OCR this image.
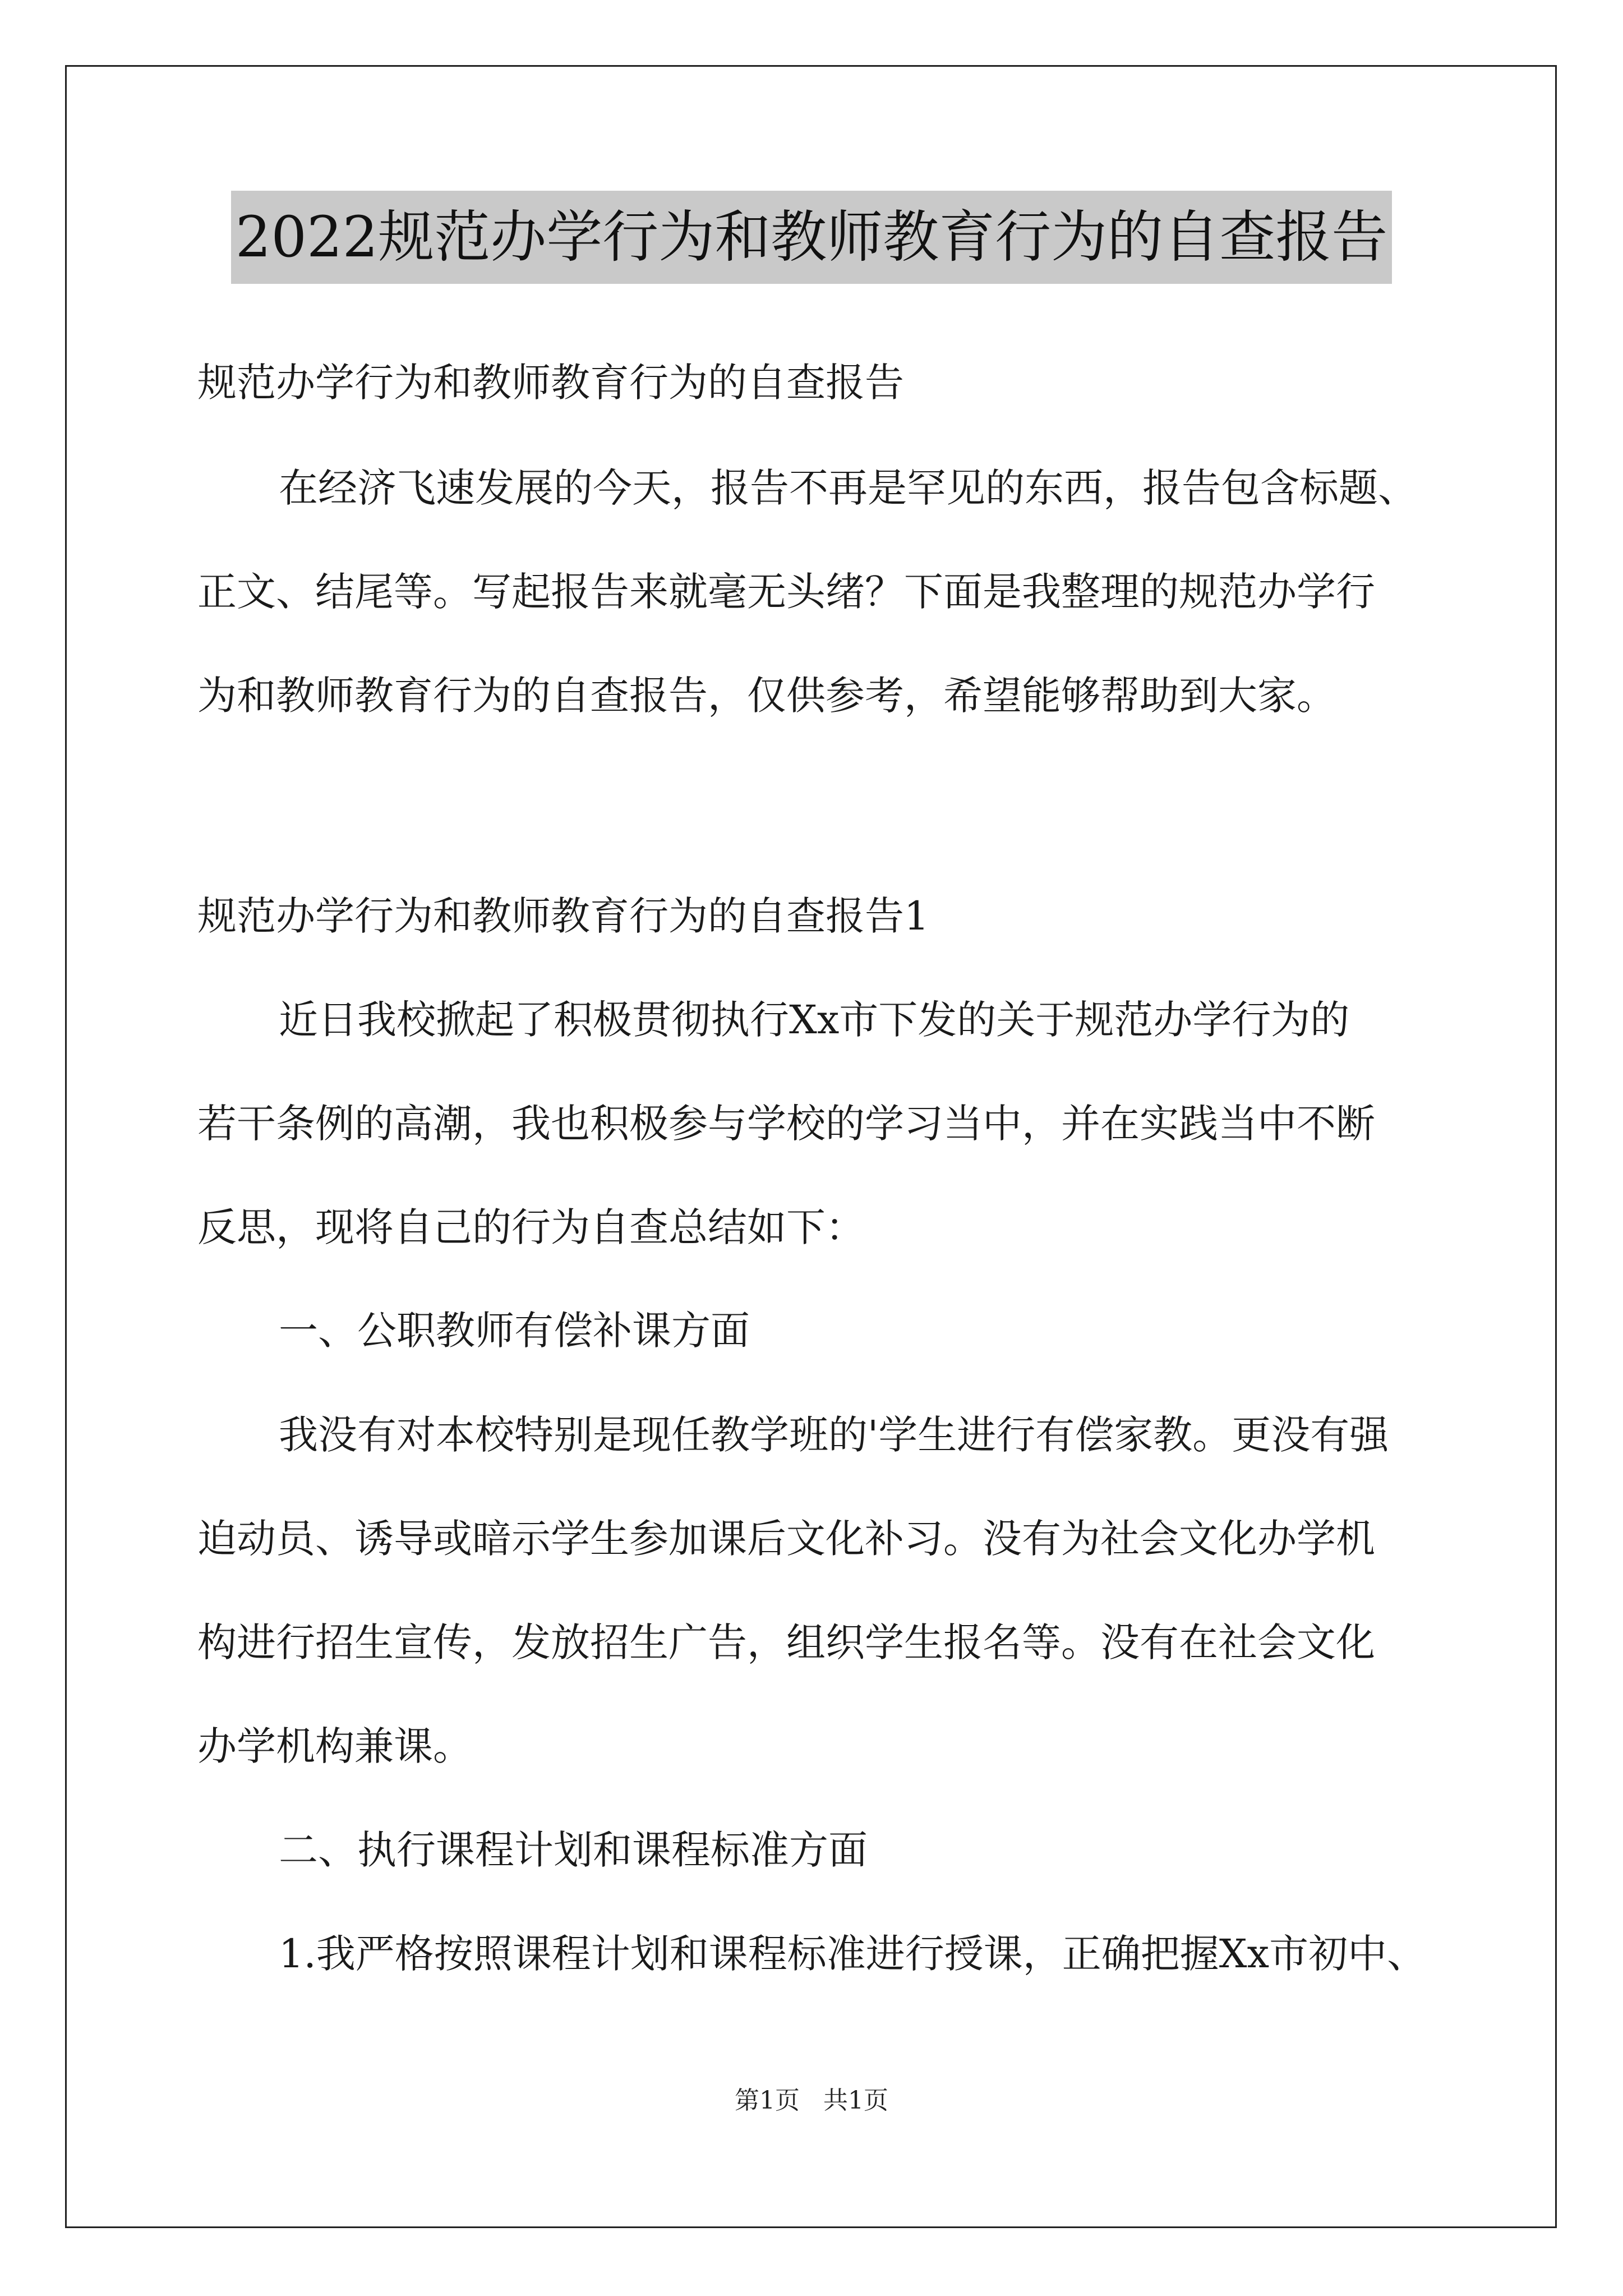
2022规范办学行为和教师教育行为的自查报告
规范办学行为和教师教育行为的自查报告
在经济飞速发展的今天，报告不再是罕见的东西，报告包含标题、
正文、结尾等。写起报告来就毫无头绪？下面是我整理的规范办学行
为和教师教育行为的自查报告，仅供参考，希望能够帮助到大家。
规范办学行为和教师教育行为的自查报告1
近日我校掀起了积极贯彻执行Xx市下发的关于规范办学行为的
若干条例的高潮，我也积极参与学校的学习当中，并在实践当中不断
反思，现将自己的行为自查总结如下：
一、公职教师有偿补课方面
我没有对本校特别是现任教学班的'学生进行有偿家教。更没有强
迫动员、诱导或暗示学生参加课后文化补习。没有为社会文化办学机
构进行招生宣传，发放招生广告，组织学生报名等。没有在社会文化
办学机构兼课。
二、执行课程计划和课程标准方面
1.我严格按照课程计划和课程标准进行授课，正确把握Xx市初中、
第1页   共1页
